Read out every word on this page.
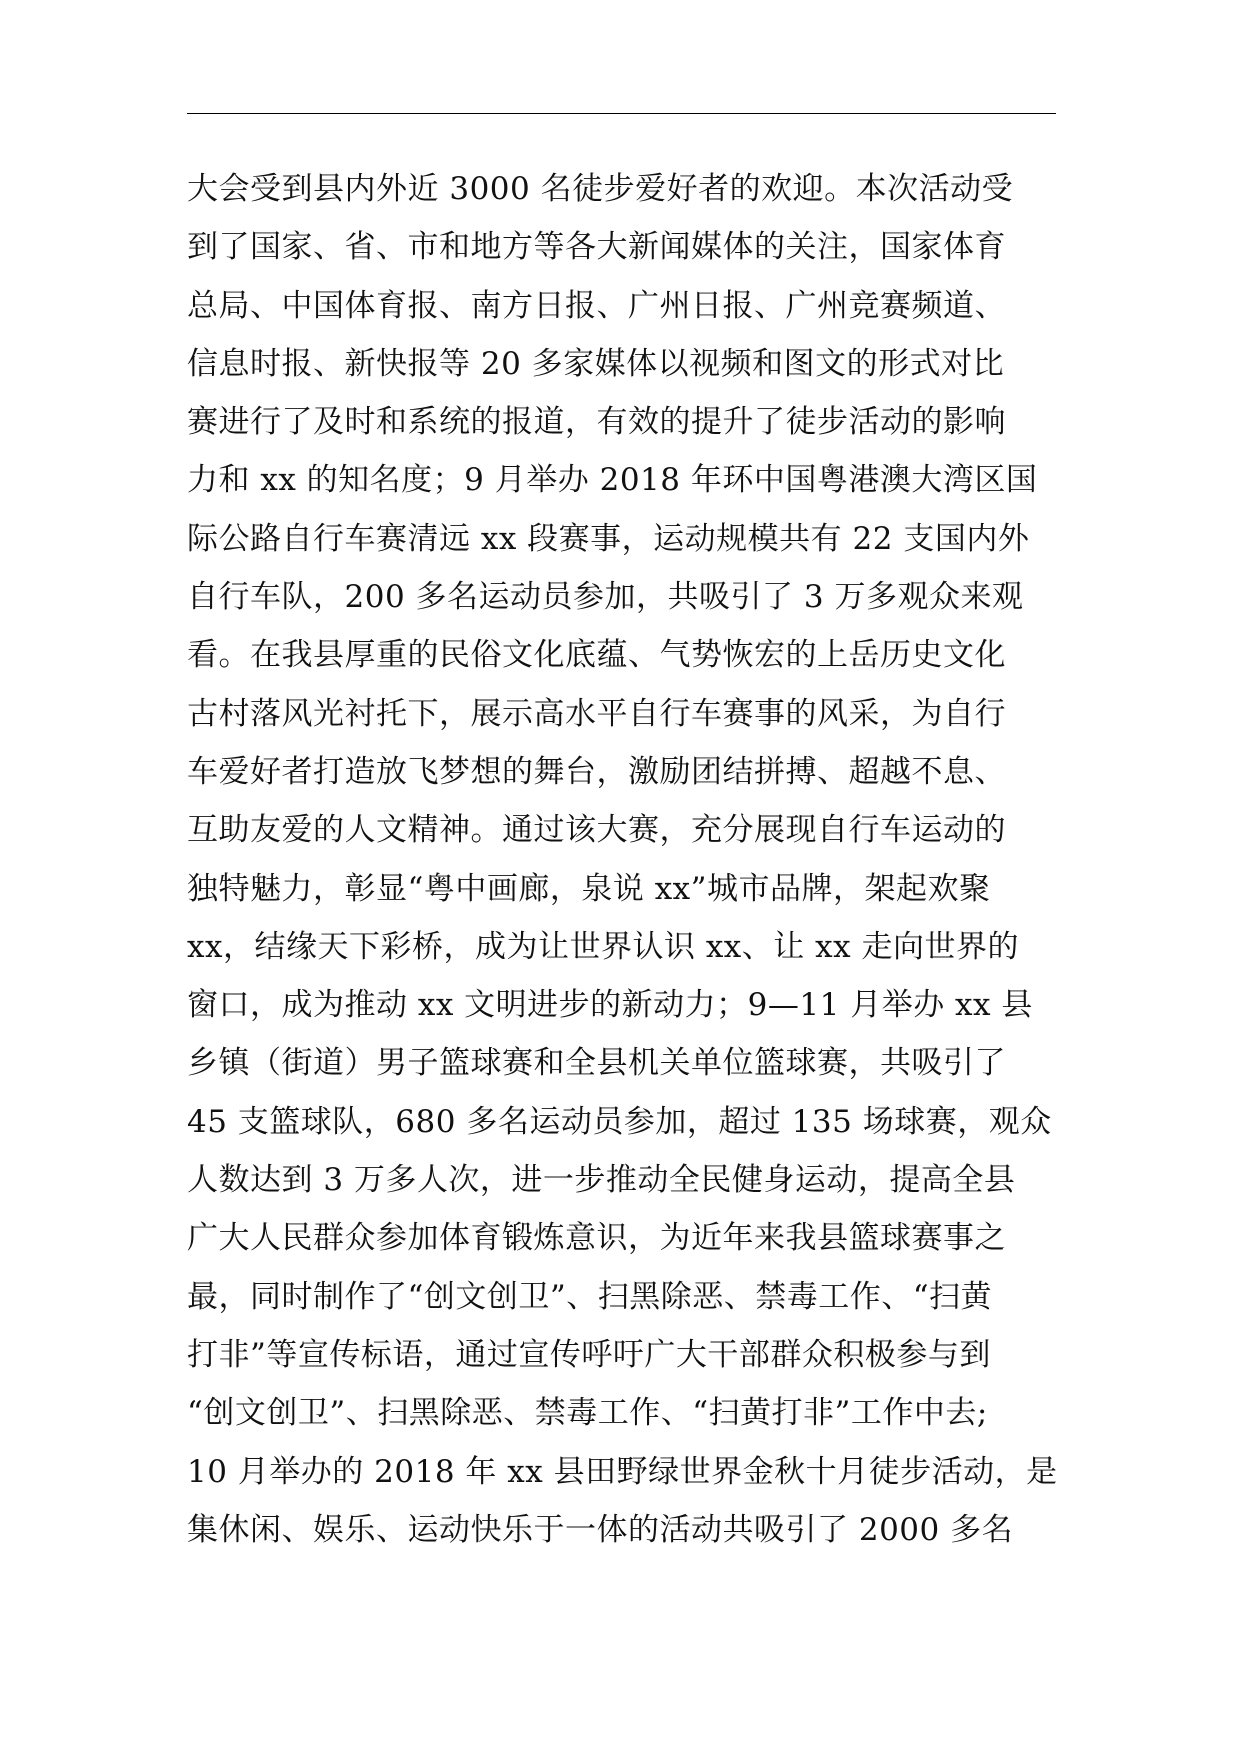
大会受到县内外近 3000 名徒步爱好者的欢迎。本次活动受
到了国家、省、市和地方等各大新闻媒体的关注，国家体育
总局、中国体育报、南方日报、广州日报、广州竞赛频道、
信息时报、新快报等 20 多家媒体以视频和图文的形式对比
赛进行了及时和系统的报道，有效的提升了徒步活动的影响
力和 xx 的知名度；9 月举办 2018 年环中国粤港澳大湾区国
际公路自行车赛清远 xx 段赛事，运动规模共有 22 支国内外
自行车队，200 多名运动员参加，共吸引了 3 万多观众来观
看。在我县厚重的民俗文化底蕴、气势恢宏的上岳历史文化
古村落风光衬托下，展示高水平自行车赛事的风采，为自行
车爱好者打造放飞梦想的舞台，激励团结拼搏、超越不息、
互助友爱的人文精神。通过该大赛，充分展现自行车运动的
独特魅力，彰显“粤中画廊，泉说 xx”城市品牌，架起欢聚
xx，结缘天下彩桥，成为让世界认识 xx、让 xx 走向世界的
窗口，成为推动 xx 文明进步的新动力；9—11 月举办 xx 县
乡镇（街道）男子篮球赛和全县机关单位篮球赛，共吸引了
45 支篮球队，680 多名运动员参加，超过 135 场球赛，观众
人数达到 3 万多人次，进一步推动全民健身运动，提高全县
广大人民群众参加体育锻炼意识，为近年来我县篮球赛事之
最，同时制作了“创文创卫”、扫黑除恶、禁毒工作、“扫黄
打非”等宣传标语，通过宣传呼吁广大干部群众积极参与到
“创文创卫”、扫黑除恶、禁毒工作、“扫黄打非”工作中去;
10 月举办的 2018 年 xx 县田野绿世界金秋十月徒步活动，是
集休闲、娱乐、运动快乐于一体的活动共吸引了 2000 多名
